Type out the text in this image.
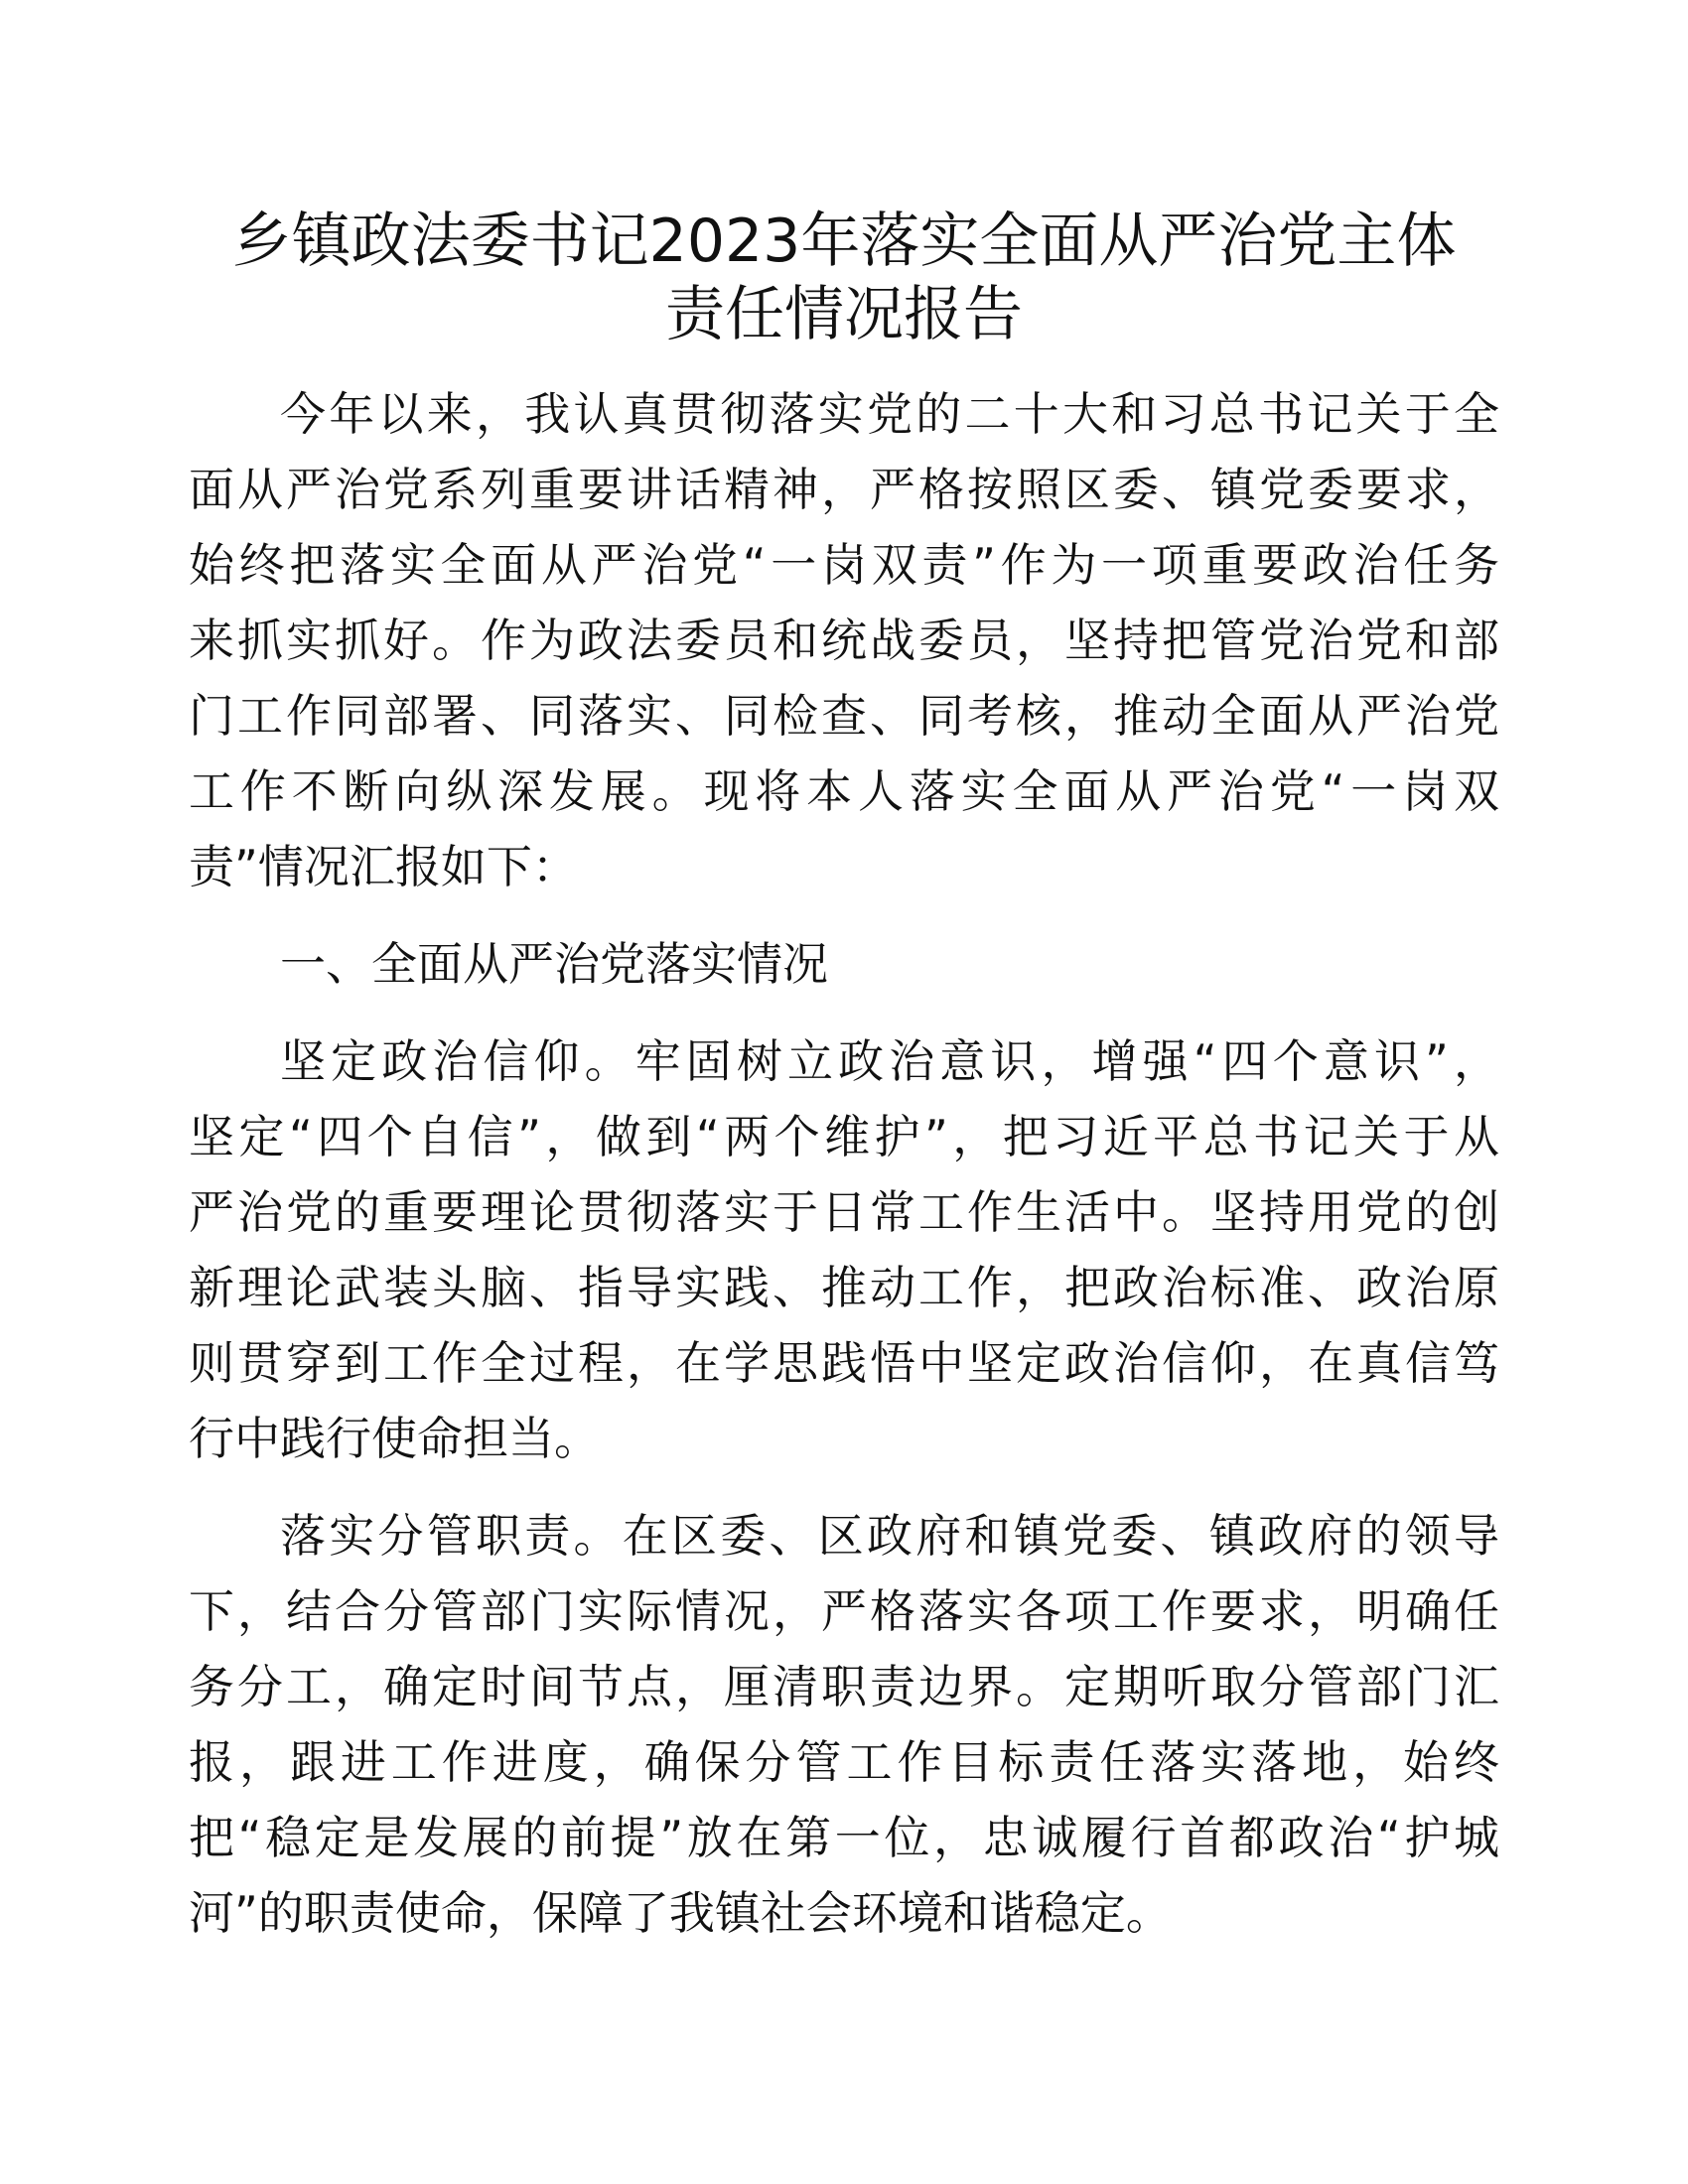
乡镇政法委书记2023年落实全面从严治党主体
责任情况报告
今年以来，我认真贯彻落实党的二十大和习总书记关于全
面从严治党系列重要讲话精神，严格按照区委、镇党委要求，
始终把落实全面从严治党“一岗双责”作为一项重要政治任务
来抓实抓好。作为政法委员和统战委员，坚持把管党治党和部
门工作同部署、同落实、同检查、同考核，推动全面从严治党
工作不断向纵深发展。现将本人落实全面从严治党“一岗双
责”情况汇报如下：
一、全面从严治党落实情况
坚定政治信仰。牢固树立政治意识，增强“四个意识”，
坚定“四个自信”，做到“两个维护”，把习近平总书记关于从
严治党的重要理论贯彻落实于日常工作生活中。坚持用党的创
新理论武装头脑、指导实践、推动工作，把政治标准、政治原
则贯穿到工作全过程，在学思践悟中坚定政治信仰，在真信笃
行中践行使命担当。
落实分管职责。在区委、区政府和镇党委、镇政府的领导
下，结合分管部门实际情况，严格落实各项工作要求，明确任
务分工，确定时间节点，厘清职责边界。定期听取分管部门汇
报，跟进工作进度，确保分管工作目标责任落实落地，始终
把“稳定是发展的前提”放在第一位，忠诚履行首都政治“护城
河”的职责使命，保障了我镇社会环境和谐稳定。
